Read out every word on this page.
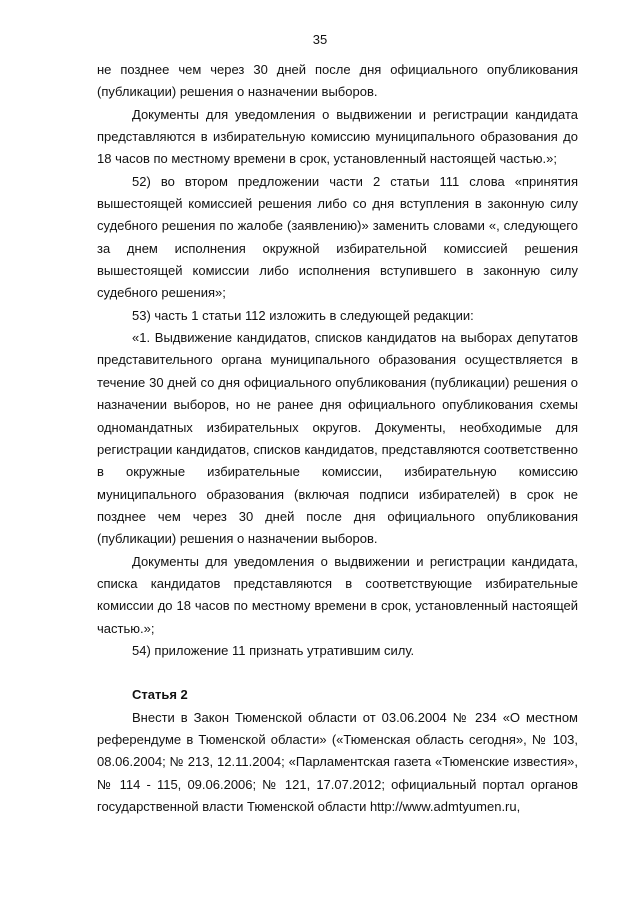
35

не позднее чем через 30 дней после дня официального опубликования (публикации) решения о назначении выборов.

Документы для уведомления о выдвижении и регистрации кандидата представляются в избирательную комиссию муниципального образования до 18 часов по местному времени в срок, установленный настоящей частью.»;

52) во втором предложении части 2 статьи 111 слова «принятия вышестоящей комиссией решения либо со дня вступления в законную силу судебного решения по жалобе (заявлению)» заменить словами «, следующего за днем исполнения окружной избирательной комиссией решения вышестоящей комиссии либо исполнения вступившего в законную силу судебного решения»;

53) часть 1 статьи 112 изложить в следующей редакции:

«1. Выдвижение кандидатов, списков кандидатов на выборах депутатов представительного органа муниципального образования осуществляется в течение 30 дней со дня официального опубликования (публикации) решения о назначении выборов, но не ранее дня официального опубликования схемы одномандатных избирательных округов. Документы, необходимые для регистрации кандидатов, списков кандидатов, представляются соответственно в окружные избирательные комиссии, избирательную комиссию муниципального образования (включая подписи избирателей) в срок не позднее чем через 30 дней после дня официального опубликования (публикации) решения о назначении выборов.

Документы для уведомления о выдвижении и регистрации кандидата, списка кандидатов представляются в соответствующие избирательные комиссии до 18 часов по местному времени в срок, установленный настоящей частью.»;

54) приложение 11 признать утратившим силу.

Статья 2

Внести в Закон Тюменской области от 03.06.2004 № 234 «О местном референдуме в Тюменской области» («Тюменская область сегодня», № 103, 08.06.2004; № 213, 12.11.2004; «Парламентская газета «Тюменские известия», № 114 - 115, 09.06.2006; № 121, 17.07.2012; официальный портал органов государственной власти Тюменской области http://www.admtyumen.ru,
